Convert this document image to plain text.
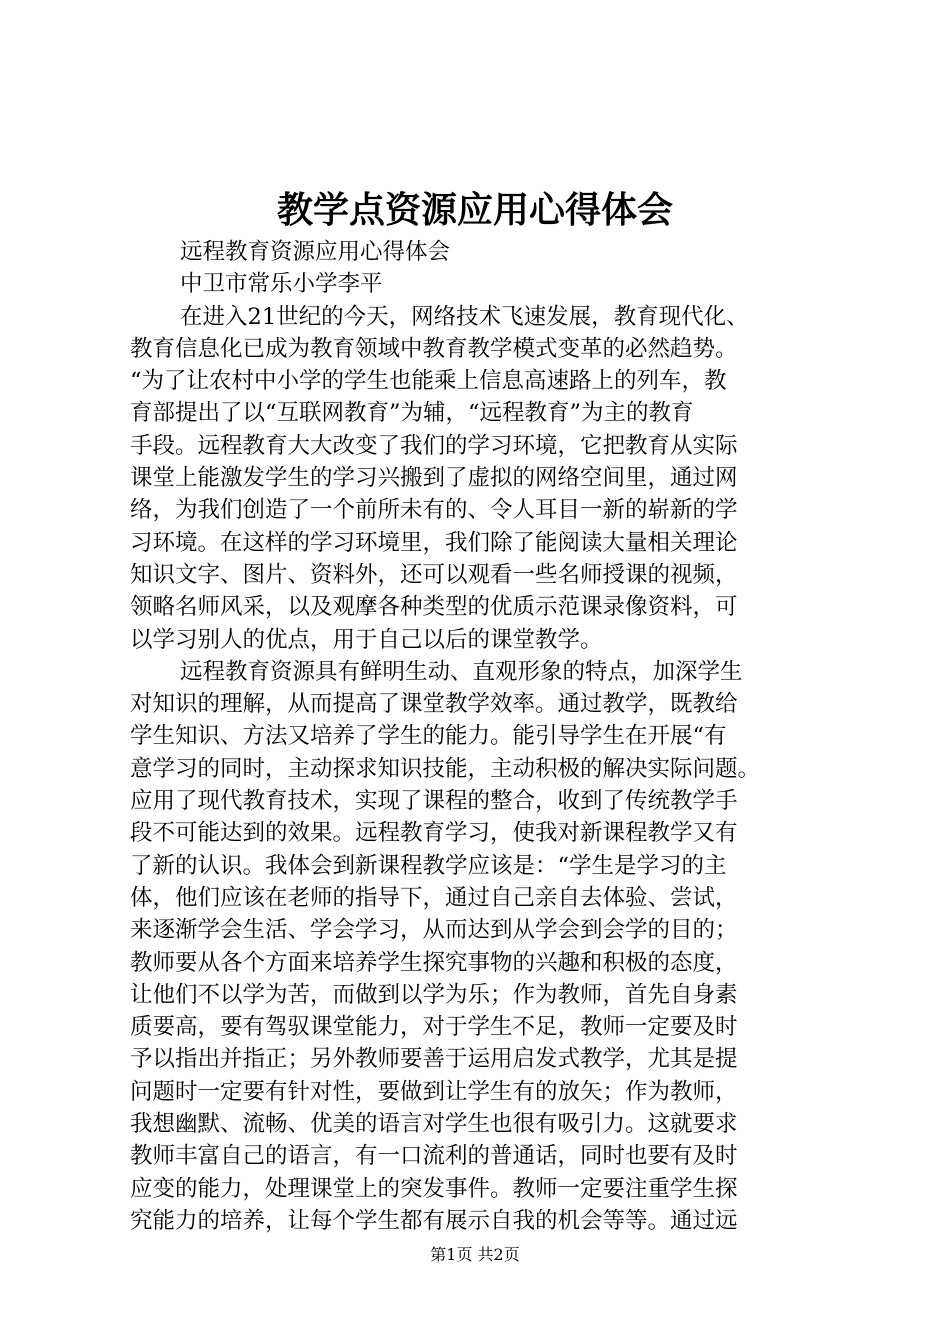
教学点资源应用心得体会
远程教育资源应用心得体会
中卫市常乐小学李平
在进入21世纪的今天，网络技术飞速发展，教育现代化、
教育信息化已成为教育领域中教育教学模式变革的必然趋势。
“为了让农村中小学的学生也能乘上信息高速路上的列车，教
育部提出了以“互联网教育”为辅，“远程教育”为主的教育
手段。远程教育大大改变了我们的学习环境，它把教育从实际
课堂上能激发学生的学习兴搬到了虚拟的网络空间里，通过网
络，为我们创造了一个前所未有的、令人耳目一新的崭新的学
习环境。在这样的学习环境里，我们除了能阅读大量相关理论
知识文字、图片、资料外，还可以观看一些名师授课的视频，
领略名师风采，以及观摩各种类型的优质示范课录像资料，可
以学习别人的优点，用于自己以后的课堂教学。
远程教育资源具有鲜明生动、直观形象的特点，加深学生
对知识的理解，从而提高了课堂教学效率。通过教学，既教给
学生知识、方法又培养了学生的能力。能引导学生在开展“有
意学习的同时，主动探求知识技能，主动积极的解决实际问题。
应用了现代教育技术，实现了课程的整合，收到了传统教学手
段不可能达到的效果。远程教育学习，使我对新课程教学又有
了新的认识。我体会到新课程教学应该是：“学生是学习的主
体，他们应该在老师的指导下，通过自己亲自去体验、尝试，
来逐渐学会生活、学会学习，从而达到从学会到会学的目的；
教师要从各个方面来培养学生探究事物的兴趣和积极的态度，
让他们不以学为苦，而做到以学为乐；作为教师，首先自身素
质要高，要有驾驭课堂能力，对于学生不足，教师一定要及时
予以指出并指正；另外教师要善于运用启发式教学，尤其是提
问题时一定要有针对性，要做到让学生有的放矢；作为教师，
我想幽默、流畅、优美的语言对学生也很有吸引力。这就要求
教师丰富自己的语言，有一口流利的普通话，同时也要有及时
应变的能力，处理课堂上的突发事件。教师一定要注重学生探
究能力的培养，让每个学生都有展示自我的机会等等。通过远
第1页 共2页
